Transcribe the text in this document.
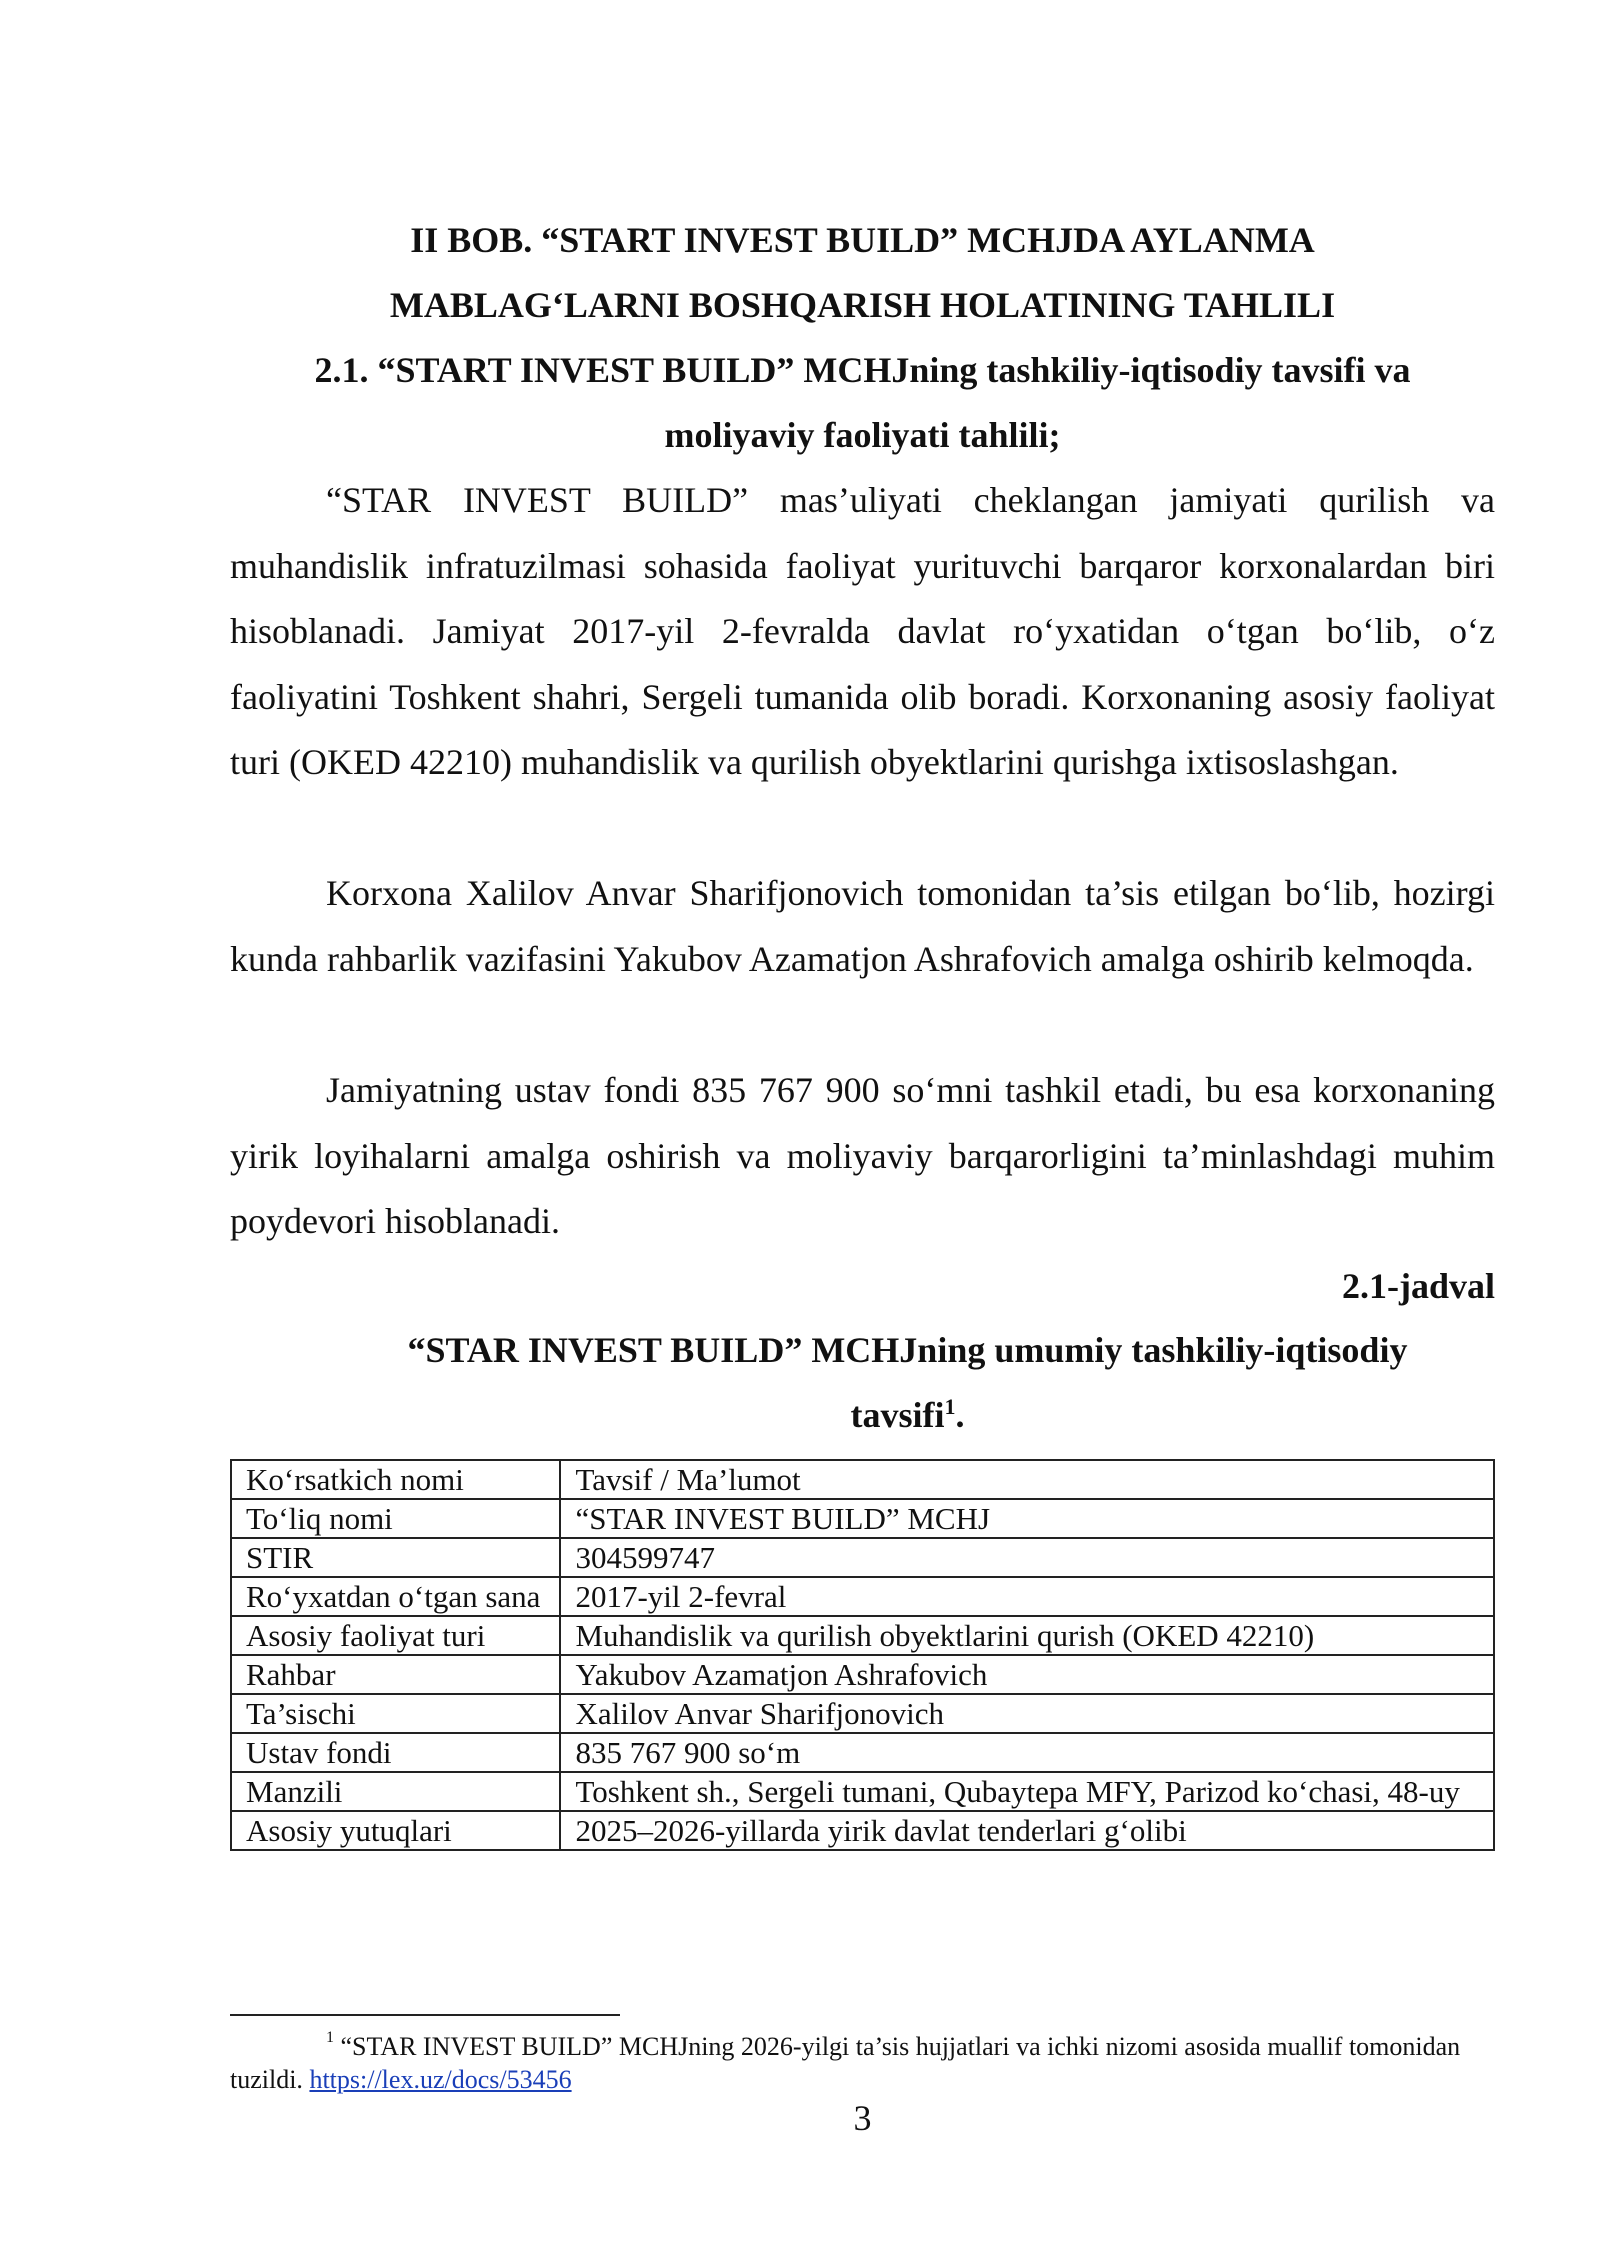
II BOB. “START INVEST BUILD” MCHJDA AYLANMA
MABLAG‘LARNI BOSHQARISH HOLATINING TAHLILI
2.1. “START INVEST BUILD” MCHJning tashkiliy-iqtisodiy tavsifi va
moliyaviy faoliyati tahlili;

“STAR INVEST BUILD” mas’uliyati cheklangan jamiyati qurilish va muhandislik infratuzilmasi sohasida faoliyat yurituvchi barqaror korxonalardan biri hisoblanadi. Jamiyat 2017-yil 2-fevralda davlat ro‘yxatidan o‘tgan bo‘lib, o‘z faoliyatini Toshkent shahri, Sergeli tumanida olib boradi. Korxonaning asosiy faoliyat turi (OKED 42210) muhandislik va qurilish obyektlarini qurishga ixtisoslashgan.

Korxona Xalilov Anvar Sharifjonovich tomonidan ta’sis etilgan bo‘lib, hozirgi kunda rahbarlik vazifasini Yakubov Azamatjon Ashrafovich amalga oshirib kelmoqda.

Jamiyatning ustav fondi 835 767 900 so‘mni tashkil etadi, bu esa korxonaning yirik loyihalarni amalga oshirish va moliyaviy barqarorligini ta’minlashdagi muhim poydevori hisoblanadi.

2.1-jadval
“STAR INVEST BUILD” MCHJning umumiy tashkiliy-iqtisodiy
tavsifi$^1$.
Ko‘rsatkich nomi	Tavsif / Ma’lumot
To‘liq nomi	“STAR INVEST BUILD” MCHJ
STIR	304599747
Ro‘yxatdan o‘tgan sana	2017-yil 2-fevral
Asosiy faoliyat turi	Muhandislik va qurilish obyektlarini qurish (OKED 42210)
Rahbar	Yakubov Azamatjon Ashrafovich
Ta’sischi	Xalilov Anvar Sharifjonovich
Ustav fondi	835 767 900 so‘m
Manzili	Toshkent sh., Sergeli tumani, Qubaytepa MFY, Parizod ko‘chasi, 48-uy
Asosiy yutuqlari	2025–2026-yillarda yirik davlat tenderlari g‘olibi

$^1$ “STAR INVEST BUILD” MCHJning 2026-yilgi ta’sis hujjatlari va ichki nizomi asosida muallif tomonidan tuzildi. https://lex.uz/docs/53456

3
